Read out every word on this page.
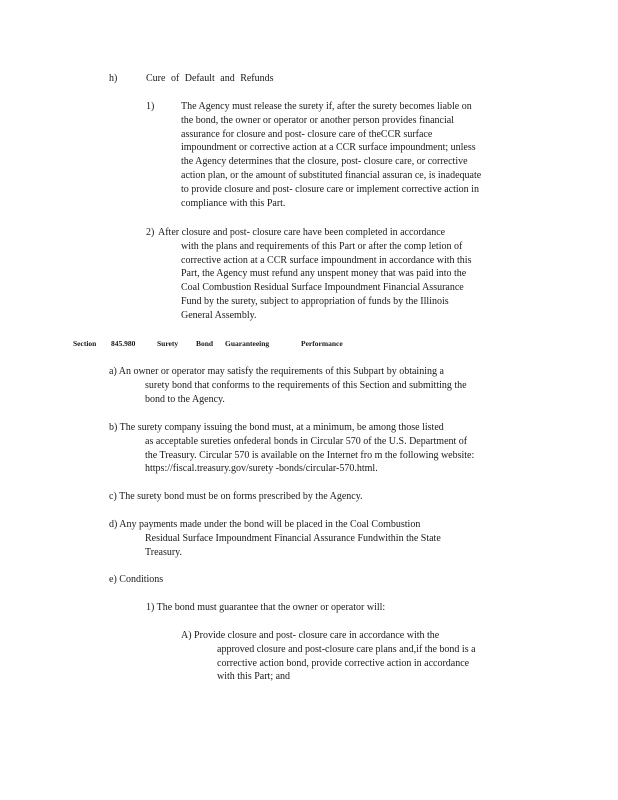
h)	Cure of Default and Refunds
1)	The Agency must release the surety if, after the surety becomes liable on
the bond, the owner or operator or another person provides financial
assurance for closure and post- closure care of theCCR surface
impoundment or corrective action at a CCR surface impoundment; unless
the Agency determines that the closure, post- closure care, or corrective
action plan, or the amount of substituted financial assuran ce, is inadequate
to provide closure and post- closure care or implement corrective action in
compliance with this Part.
2) After closure and post- closure care have been completed in accordance
with the plans and requirements of this Part or after the comp letion of
corrective action at a CCR surface impoundment in accordance with this
Part, the Agency must refund any unspent money that was paid into the
Coal Combustion Residual Surface Impoundment Financial Assurance
Fund by the surety, subject to appropriation of funds by the Illinois
General Assembly.
Section 845.980	Surety Bond Guaranteeing	Performance
a) An owner or operator may satisfy the requirements of this Subpart by obtaining a
surety bond that conforms to the requirements of this Section and submitting the
bond to the Agency.
b) The surety company issuing the bond must, at a minimum, be among those listed
as acceptable sureties onfederal bonds in Circular 570 of the U.S. Department of
the Treasury. Circular 570 is available on the Internet fro m the following website:
https://fiscal.treasury.gov/surety -bonds/circular-570.html.
c) The surety bond must be on forms prescribed by the Agency.
d) Any payments made under the bond will be placed in the Coal Combustion
Residual Surface Impoundment Financial Assurance Fundwithin the State
Treasury.
e) Conditions
1) The bond must guarantee that the owner or operator will:
A) Provide closure and post- closure care in accordance with the
approved closure and post-closure care plans and,if the bond is a
corrective action bond, provide corrective action in accordance
with this Part; and
